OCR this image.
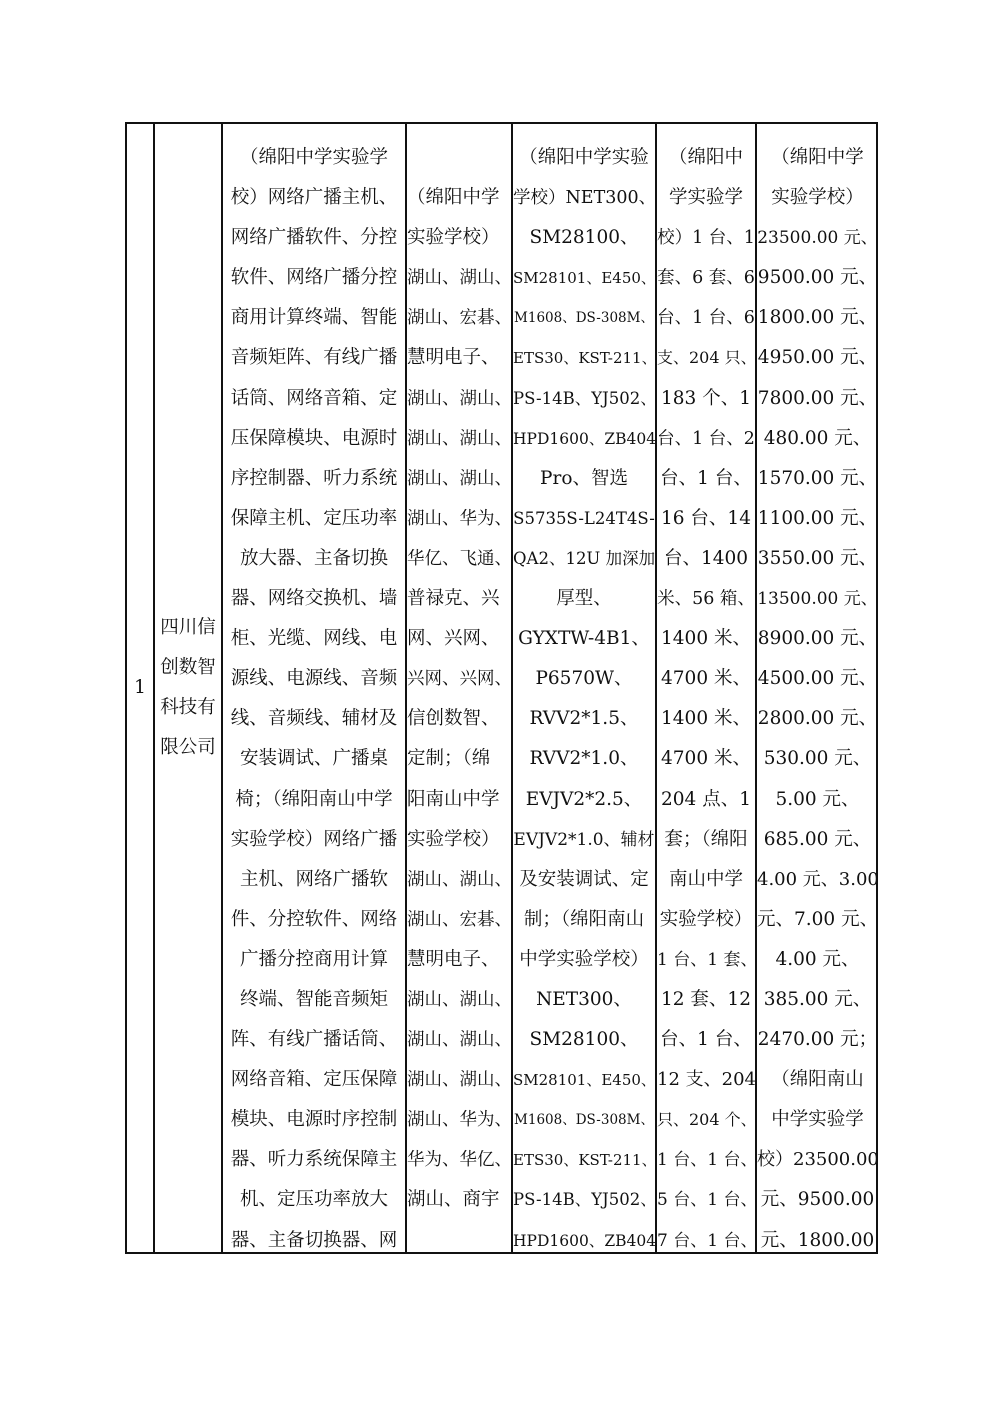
1
四川信
创数智
科技有
限公司
（绵阳中学实验学
校）网络广播主机、
网络广播软件、分控
软件、网络广播分控
商用计算终端、智能
音频矩阵、有线广播
话筒、网络音箱、定
压保障模块、电源时
序控制器、听力系统
保障主机、定压功率
放大器、主备切换
器、网络交换机、墙
柜、光缆、网线、电
源线、电源线、音频
线、音频线、辅材及
安装调试、广播桌
椅；（绵阳南山中学
实验学校）网络广播
主机、网络广播软
件、分控软件、网络
广播分控商用计算
终端、智能音频矩
阵、有线广播话筒、
网络音箱、定压保障
模块、电源时序控制
器、听力系统保障主
机、定压功率放大
器、主备切换器、网
（绵阳中学
实验学校）
湖山、湖山、
湖山、宏碁、
慧明电子、
湖山、湖山、
湖山、湖山、
湖山、湖山、
湖山、华为、
华亿、飞通、
普禄克、兴
网、兴网、
兴网、兴网、
信创数智、
定制；（绵
阳南山中学
实验学校）
湖山、湖山、
湖山、宏碁、
慧明电子、
湖山、湖山、
湖山、湖山、
湖山、湖山、
湖山、华为、
华为、华亿、
湖山、商宇
（绵阳中
学实验学
校）1 台、1
套、6 套、6
台、1 台、6
支、204 只、
183 个、1
台、1 台、2
台、1 台、
16 台、14
台、1400
米、56 箱、
1400 米、
4700 米、
1400 米、
4700 米、
204 点、1
套；（绵阳
南山中学
实验学校）
1 台、1 套、
12 套、12
台、1 台、
12 支、204
只、204 个、
1 台、1 台、
5 台、1 台、
7 台、1 台、
（绵阳中学
实验学校）
23500.00 元、
9500.00 元、
1800.00 元、
4950.00 元、
7800.00 元、
480.00 元、
1570.00 元、
1100.00 元、
3550.00 元、
13500.00 元、
8900.00 元、
4500.00 元、
2800.00 元、
530.00 元、
5.00 元、
685.00 元、
4.00 元、3.00
元、7.00 元、
4.00 元、
385.00 元、
2470.00 元；
（绵阳南山
中学实验学
校）23500.00
元、9500.00
元、1800.00
（绵阳中学实验
学校）NET300、
SM28100、
SM28101、E450、
M1608、DS-308M、
ETS30、KST-211、
PS-14B、YJ502、
HPD1600、ZB404
Pro、智选
S5735S-L24T4S-
QA2、12U 加深加
厚型、
GYXTW-4B1、
P6570W、
RVV2*1.5、
RVV2*1.0、
EVJV2*2.5、
EVJV2*1.0、辅材
及安装调试、定
制；（绵阳南山
中学实验学校）
NET300、
SM28100、
SM28101、E450、
M1608、DS-308M、
ETS30、KST-211、
PS-14B、YJ502、
HPD1600、ZB404
